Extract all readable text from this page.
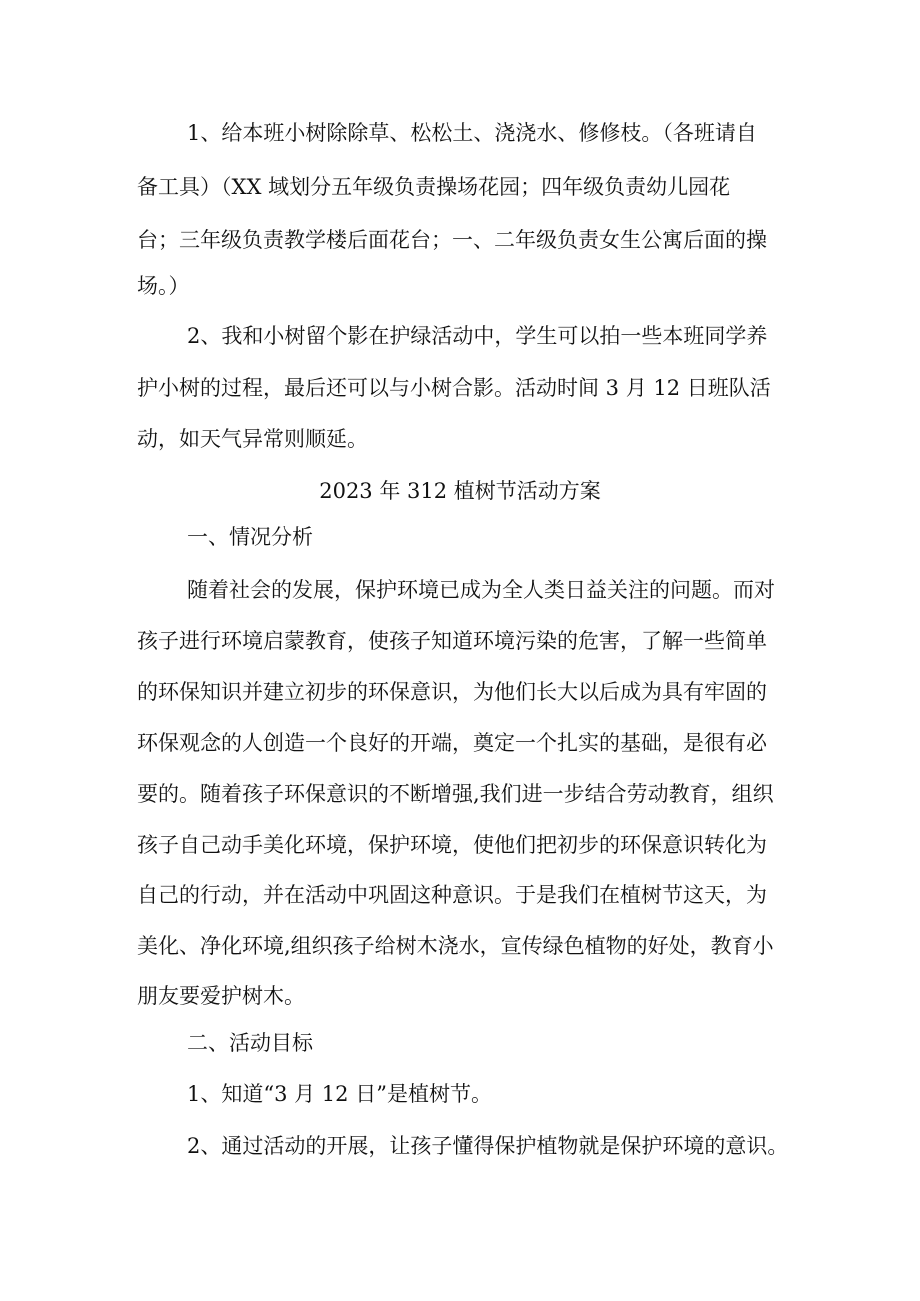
1、给本班小树除除草、松松土、浇浇水、修修枝。（各班请自
备工具）（XX 域划分五年级负责操场花园；四年级负责幼儿园花
台；三年级负责教学楼后面花台；一、二年级负责女生公寓后面的操
场。）
2、我和小树留个影在护绿活动中，学生可以拍一些本班同学养
护小树的过程，最后还可以与小树合影。活动时间 3 月 12 日班队活
动，如天气异常则顺延。
2023 年 312 植树节活动方案
一、情况分析
随着社会的发展，保护环境已成为全人类日益关注的问题。而对
孩子进行环境启蒙教育，使孩子知道环境污染的危害，了解一些简单
的环保知识并建立初步的环保意识，为他们长大以后成为具有牢固的
环保观念的人创造一个良好的开端，奠定一个扎实的基础，是很有必
要的。随着孩子环保意识的不断增强,我们进一步结合劳动教育，组织
孩子自己动手美化环境，保护环境，使他们把初步的环保意识转化为
自己的行动，并在活动中巩固这种意识。于是我们在植树节这天，为
美化、净化环境,组织孩子给树木浇水，宣传绿色植物的好处，教育小
朋友要爱护树木。
二、活动目标
1、知道“3 月 12 日”是植树节。
2、通过活动的开展，让孩子懂得保护植物就是保护环境的意识。
